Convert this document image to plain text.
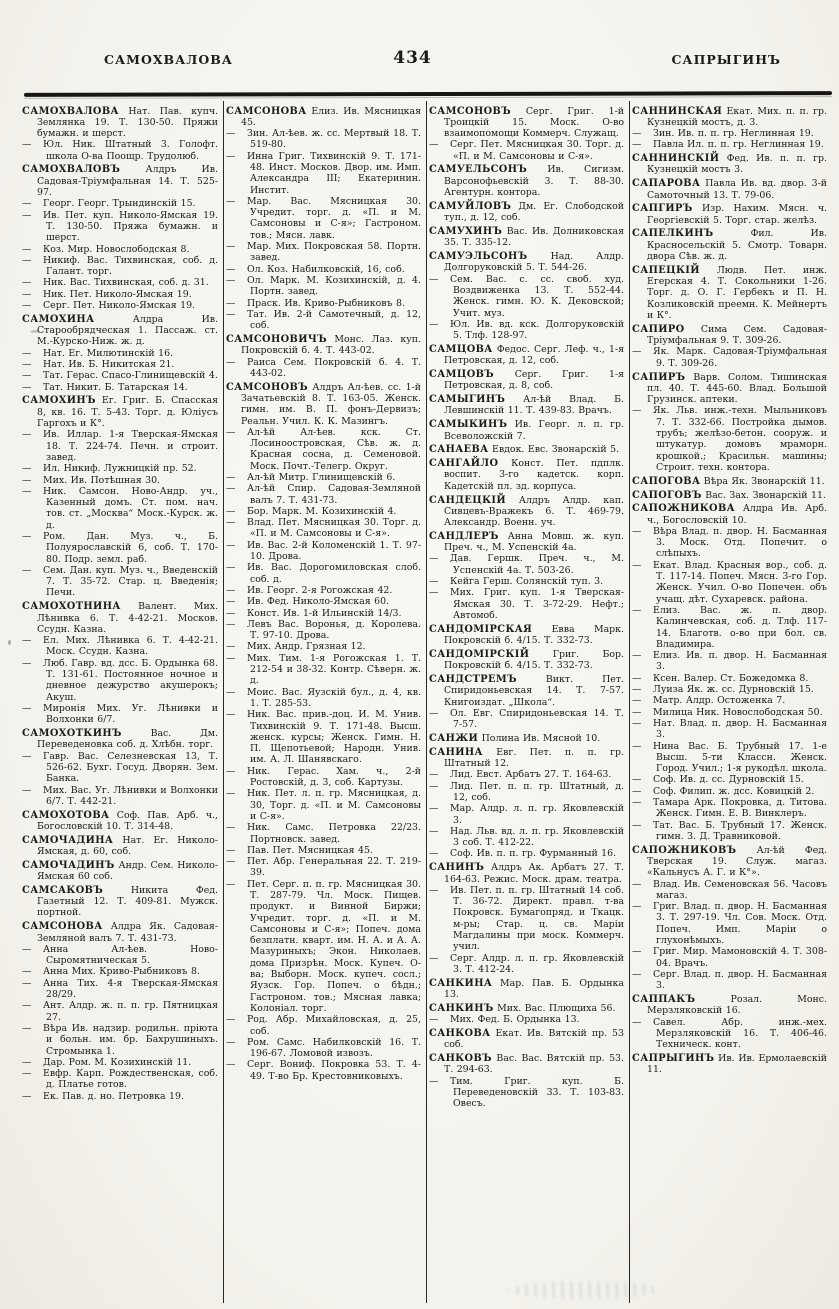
САМОХВАЛОВА	434	САПРЫГИНЪ
САМОХВАЛОВА Нат. Пав. купч. Землянка 19. Т. 130-50. Пряжи бумажн. и шерст.
— Юл. Ник. Штатный 3. Голофт. школа О-ва Поощр. Трудолюб.
САМОХВАЛОВЪ Алдръ Ив. Садовая-Тріумфальная 14. Т. 525-97.
— Георг. Георг. Трындинскій 15.
— Ив. Пет. куп. Николо-Ямская 19. Т. 130-50. Пряжа бумажн. и шерст.
— Коз. Мир. Новослободская 8.
— Никиф. Вас. Тихвинская, соб. д. Галант. торг.
— Ник. Вас. Тихвинская, соб. д. 31.
— Ник. Пет. Николо-Ямская 19.
— Серг. Пет. Николо-Ямская 19.
САМОХИНА Алдра Ив. Старообрядческая 1. Пассаж. ст. М.-Курско-Ниж. ж. д.
— Нат. Ег. Милютинскій 16.
— Нат. Ив. Б. Никитская 21.
— Тат. Герас. Спасо-Глинищевскій 4.
— Тат. Никит. Б. Татарская 14.
САМОХИНЪ Ег. Григ. Б. Спасская 8, кв. 16. Т. 5-43. Торг. д. Юліусъ Гаргохъ и К°.
— Ив. Иллар. 1-я Тверская-Ямская 18. Т. 224-74. Печн. и строит. завед.
— Ил. Никиф. Лужницкій пр. 52.
— Мих. Ив. Потѣшная 30.
— Ник. Самсон. Ново-Андр. уч., Казенный домъ. Ст. пом. нач. тов. ст. „Москва“ Моск.-Курск. ж. д.
— Ром. Дан. Муз. ч., Б. Полуярославскій 6, соб. Т. 170-80. Подр. земл. раб.
— Сем. Дан. куп. Муз. ч., Введенскій 7. Т. 35-72. Стар. ц. Введенія; Печи.
САМОХОТНИНА Валент. Мих. Лѣнивка 6. Т. 4-42-21. Москов. Ссудн. Казна.
— Ел. Мих. Лѣнивка 6. Т. 4-42-21. Моск. Ссудн. Казна.
— Люб. Гавр. вд. дсс. Б. Ордынка 68. Т. 131-61. Постоянное ночное и дневное дежурство акушерокъ; Акуш.
— Миронія Мих. Уг. Лѣнивки и Волхонки 6/7.
САМОХОТКИНЪ Вас. Дм. Переведеновка соб. д. Хлѣбн. торг.
— Гавр. Вас. Селезневская 13, Т. 526-62. Бухг. Госуд. Дворян. Зем. Банка.
— Мих. Вас. Уг. Лѣнивки и Волхонки 6/7. Т. 442-21.
САМОХОТОВА Соф. Пав. Арб. ч., Богословскій 10. Т. 314-48.
САМОЧАДИНА Нат. Ег. Николо-Ямская, д. 60, соб.
САМОЧАДИНЪ Андр. Сем. Николо-Ямская 60 соб.
САМСАКОВЪ Никита Фед. Газетный 12. Т. 409-81. Мужск. портной.
САМСОНОВА Алдра Як. Садовая-Земляной валъ 7. Т. 431-73.
— Анна Ал-ѣев. Ново-Сыромятническая 5.
— Анна Мих. Криво-Рыбниковъ 8.
— Анна Тих. 4-я Тверская-Ямская 28/29.
— Ант. Алдр. ж. п. п. гр. Пятницкая 27.
— Вѣра Ив. надзир. родильн. пріюта и больн. им. бр. Бахрушиныхъ. Стромынка 1.
— Дар. Ром. М. Козихинскій 11.
— Евфр. Карп. Рождественская, соб. д. Платье готов.
— Ек. Пав. д. но. Петровка 19.
САМСОНОВА Елиз. Ив. Мясницкая 45.
— Зин. Ал-ѣев. ж. сс. Мертвый 18. Т. 519-80.
— Инна Григ. Тихвинскій 9. Т. 171-48. Инст. Москов. Двор. им. Имп. Александра III; Екатеринин. Инстит.
— Мар. Вас. Мясницкая 30. Учредит. торг. д. «П. и М. Самсоновы и С-я»; Гастроном. тов.; Мясн. лавк.
— Мар. Мих. Покровская 58. Портн. завед.
— Ол. Коз. Набилковскій, 16, соб.
— Ол. Марк. М. Козихинскій, д. 4. Портн. завед.
— Праск. Ив. Криво-Рыбниковъ 8.
— Тат. Ив. 2-й Самотечный, д. 12, соб.
САМСОНОВИЧЪ Монс. Лаз. куп. Покровскій б. 4. Т. 443-02.
— Раиса Сем. Покровскій б. 4. Т. 443-02.
САМСОНОВЪ Алдръ Ал-ѣев. сс. 1-й Зачатьевскій 8. Т. 163-05. Женск. гимн. им. В. П. фонъ-Дервизъ; Реальн. Учил. К. К. Мазингъ.
— Ал-ѣй Ал-ѣев. кск. Ст. Лосиноостровская, Сѣв. ж. д. Красная сосна, д. Семеновой. Моск. Почт.-Телегр. Округ.
— Ал-ѣй Митр. Глинищевскій 6.
— Ал-ѣй Спир. Садовая-Земляной валъ 7. Т. 431-73.
— Бор. Марк. М. Козихинскій 4.
— Влад. Пет. Мясницкая 30. Торг. д. «П. и М. Самсоновы и С-я».
— Ив. Вас. 2-й Коломенскій 1. Т. 97-10. Дрова.
— Ив. Вас. Дорогомиловская слоб. соб. д.
— Ив. Георг. 2-я Рогожская 42.
— Ив. Фед. Николо-Ямская 60.
— Конст. Ив. 1-й Ильинскій 14/3.
— Левъ Вас. Воронья, д. Королева. Т. 97-10. Дрова.
— Мих. Андр. Грязная 12.
— Мих. Тим. 1-я Рогожская 1. Т. 212-54 и 38-32. Контр. Сѣверн. ж. д.
— Моис. Вас. Яузскій бул., д. 4, кв. 1. Т. 285-53.
— Ник. Вас. прив.-доц. И. М. Унив. Тихвинскій 9. Т. 171-48. Высш. женск. курсы; Женск. Гимн. Н. П. Щепотьевой; Народн. Унив. им. А. Л. Шанявскаго.
— Ник. Герас. Хам. ч., 2-й Ростовскій, д. 3, соб. Картузы.
— Ник. Пет. л. п. гр. Мясницкая, д. 30, Торг. д. «П. и М. Самсоновы и С-я».
— Ник. Самс. Петровка 22/23. Портновск. завед.
— Пав. Пет. Мясницкая 45.
— Пет. Абр. Генеральная 22. Т. 219-39.
— Пет. Серг. п. п. гр. Мясницкая 30. Т. 287-79. Чл. Моск. Пищев. продукт. и Винной Биржи; Учредит. торг. д. «П. и М. Самсоновы и С-я»; Попеч. дома безплатн. кварт. им. Н. А. и А. А. Мазуриныхъ; Экон. Николаев. дома Призрѣн. Моск. Купеч. О-ва; Выборн. Моск. купеч. сосл.; Яузск. Гор. Попеч. о бѣдн.; Гастроном. тов.; Мясная лавка; Колоніал. торг.
— Род. Абр. Михайловская, д. 25, соб.
— Ром. Самс. Набилковскій 16. Т. 196-67. Ломовой извозъ.
— Серг. Вониф. Покровка 53. Т. 4-49. Т-во Бр. Крестовниковыхъ.
САМСОНОВЪ Серг. Григ. 1-й Троицкій 15. Моск. О-во взаимопомощи Коммерч. Служащ.
— Серг. Пет. Мясницкая 30. Торг. д. «П. и М. Самсоновы и С-я».
САМУЕЛЬСОНЪ Ив. Сигизм. Варсонофьевскій 3. Т. 88-30. Агентурн. контора.
САМУЙЛОВЪ Дм. Ег. Слободской туп., д. 12, соб.
САМУХИНЪ Вас. Ив. Долниковская 35. Т. 335-12.
САМУЭЛЬСОНЪ Над. Алдр. Долгоруковскій 5. Т. 544-26.
— Сем. Вас. с. сс. своб. худ. Воздвиженка 13. Т. 552-44. Женск. гимн. Ю. К. Дековской; Учит. муз.
— Юл. Ив. вд. кск. Долгоруковскій 5. Тлф. 128-97.
САМЦОВА Федос. Серг. Леф. ч., 1-я Петровская, д. 12, соб.
САМЦОВЪ Серг. Григ. 1-я Петровская, д. 8, соб.
САМЫГИНЪ Ал-ѣй Влад. Б. Левшинскій 11. Т. 439-83. Врачъ.
САМЫКИНЪ Ив. Георг. л. п. гр. Всеволожскій 7.
САНАЕВА Евдок. Евс. Звонарскій 5.
САНГАЙЛО Конст. Пет. пдплк. воспит. 3-го кадетск. корп. Кадетскій пл. зд. корпуса.
САНДЕЦКІЙ Алдръ Алдр. кап. Сивцевъ-Вражекъ 6. Т. 469-79. Александр. Военн. уч.
САНДЛЕРЪ Анна Мовш. ж. куп. Преч. ч., М. Успенскій 4а.
— Дав. Гершк. Преч. ч., М. Успенскій 4а. Т. 503-26.
— Кейга Герш. Солянскій туп. 3.
— Мих. Григ. куп. 1-я Тверская-Ямская 30. Т. 3-72-29. Нефт.; Автомоб.
САНДОМІРСКАЯ Евва Марк. Покровскій б. 4/15. Т. 332-73.
САНДОМІРСКІЙ Григ. Бор. Покровскій б. 4/15. Т. 332-73.
САНДСТРЕМЪ Викт. Пет. Спиридоньевская 14. Т. 7-57. Книгоиздат. „Школа“.
— Ол. Евг. Спиридоньевская 14. Т. 7-57.
САНЖИ Полина Ив. Мясной 10.
САНИНА Евг. Пет. п. п. гр. Штатный 12.
— Лид. Евст. Арбатъ 27. Т. 164-63.
— Лид. Пет. п. п. гр. Штатный, д. 12, соб.
— Мар. Алдр. л. п. гр. Яковлевскій 3.
— Над. Льв. вд. л. п. гр. Яковлевскій 3 соб. Т. 412-22.
— Соф. Ив. п. п. гр. Фурманный 16.
САНИНЪ Алдръ Ак. Арбатъ 27. Т. 164-63. Режис. Моск. драм. театра.
— Ив. Пет. п. п. гр. Штатный 14 соб. Т. 36-72. Директ. правл. т-ва Покровск. Бумагопряд. и Ткацк. м-ры; Стар. ц. св. Маріи Магдалины при моск. Коммерч. учил.
— Серг. Алдр. л. п. гр. Яковлевскій 3. Т. 412-24.
САНКИНА Мар. Пав. Б. Ордынка 13.
САНКИНЪ Мих. Вас. Плющиха 56.
— Мих. Фед. Б. Ордынка 13.
САНКОВА Екат. Ив. Вятскій пр. 53 соб.
САНКОВЪ Вас. Вас. Вятскій пр. 53. Т. 294-63.
— Тим. Григ. куп. Б. Переведеновскій 33. Т. 103-83. Овесъ.
САННИНСКАЯ Екат. Мих. п. п. гр. Кузнецкій мостъ, д. 3.
— Зин. Ив. п. п. гр. Неглинная 19.
— Павла Ил. п. п. гр. Неглинная 19.
САННИНСКІЙ Фед. Ив. п. п. гр. Кузнецкій мостъ 3.
САПАРОВА Павла Ив. вд. двор. 3-й Самоточный 13. Т. 79-06.
САПГИРЪ Изр. Нахим. Мясн. ч. Георгіевскій 5. Торг. стар. желѣз.
САПЕЛКИНЪ Фил. Ив. Красносельскій 5. Смотр. Товарн. двора Сѣв. ж. д.
САПЕЦКІЙ Людв. Пет. инж. Егерская 4. Т. Сокольники 1-26. Торг. д. О. Г. Гербекъ и П. Н. Козликовскій преемн. К. Мейнертъ и К°.
САПИРО Сима Сем. Садовая-Тріумфальная 9. Т. 309-26.
— Як. Марк. Садовая-Тріумфальная 9. Т. 309-26.
САПИРЪ Варв. Солом. Тишинская пл. 40. Т. 445-60. Влад. Большой Грузинск. аптеки.
— Як. Льв. инж.-техн. Мыльниковъ 7. Т. 332-66. Постройка дымов. трубъ; желѣзо-бетон. сооруж. и штукатур. домовъ мраморн. крошкой.; Красильн. машины; Строит. техн. контора.
САПОГОВА Вѣра Як. Звонарскій 11.
САПОГОВЪ Вас. Зах. Звонарскій 11.
САПОЖНИКОВА Алдра Ив. Арб. ч., Богословскій 10.
— Вѣра Влад. п. двор. Н. Басманная 3. Моск. Отд. Попечит. о слѣпыхъ.
— Екат. Влад. Красныя вор., соб. д. Т. 117-14. Попеч. Мясн. 3-го Гор. Женск. Учил. О-во Попечен. объ учащ. дѣт. Сухаревск. района.
— Елиз. Вас. ж. п. двор. Калинчевская, соб. д. Тлф. 117-14. Благотв. о-во при бол. св. Владимира.
— Елиз. Ив. п. двор. Н. Басманная 3.
— Ксен. Валер. Ст. Божедомка 8.
— Луиза Як. ж. сс. Дурновскій 15.
— Матр. Алдр. Остоженка 7.
— Милица Ник. Новослободская 50.
— Нат. Влад. п. двор. Н. Басманная 3.
— Нина Вас. Б. Трубный 17. 1-е Высш. 5-ти Классн. Женск. Город. Учил.; 1-я рукодѣл. школа.
— Соф. Ив. д. сс. Дурновскій 15.
— Соф. Филип. ж. дсс. Ковицкій 2.
— Тамара Арк. Покровка, д. Титова. Женск. Гимн. Е. В. Винклеръ.
— Тат. Вас. Б. Трубный 17. Женск. гимн. З. Д. Травниковой.
САПОЖНИКОВЪ Ал-ѣй Фед. Тверская 19. Служ. магаз. «Кальнусъ А. Г. и К°».
— Влад. Ив. Семеновская 56. Часовъ магаз.
— Григ. Влад. п. двор. Н. Басманная 3. Т. 297-19. Чл. Сов. Моск. Отд. Попеч. Имп. Маріи о глухонѣмыхъ.
— Григ. Мир. Мамоновскій 4. Т. 308-04. Врачъ.
— Серг. Влад. п. двор. Н. Басманная 3.
САППАКЪ Розал. Монс. Мерзляковскій 16.
— Савел. Абр. инж.-мех. Мерзляковскій 16. Т. 406-46. Техническ. конт.
САПРЫГИНЪ Ив. Ив. Ермолаевскій 11.
